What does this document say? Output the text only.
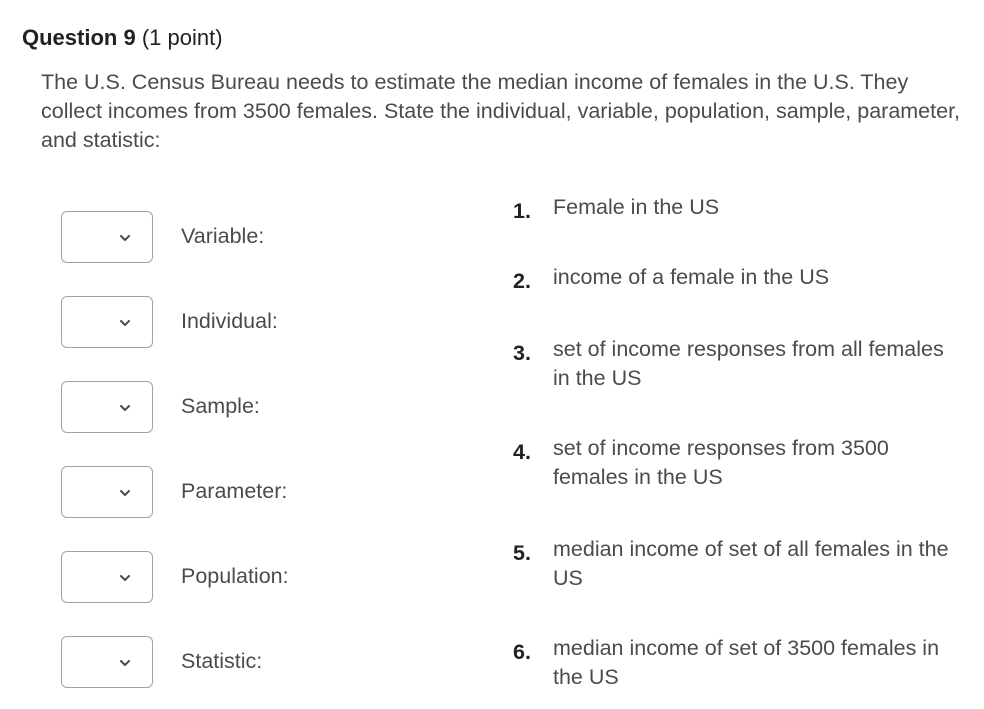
Question 9 (1 point)
The U.S. Census Bureau needs to estimate the median income of females in the U.S. They collect incomes from 3500 females. State the individual, variable, population, sample, parameter, and statistic:
Variable:
Individual:
Sample:
Parameter:
Population:
Statistic:
1. Female in the US
2. income of a female in the US
3. set of income responses from all females in the US
4. set of income responses from 3500 females in the US
5. median income of set of all females in the US
6. median income of set of 3500 females in the US
